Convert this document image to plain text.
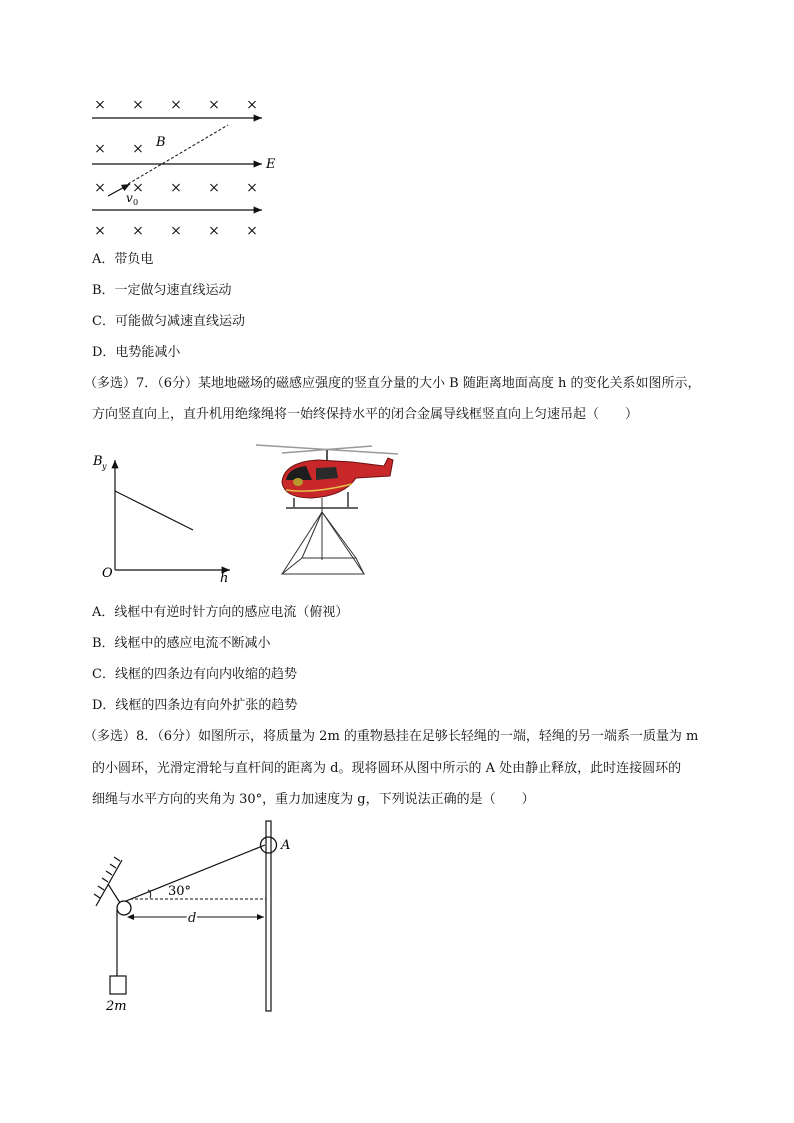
× × × × ×
× ×
× × × × ×
× × × × ×
B
E
v 0
A．带负电
B．一定做匀速直线运动
C．可能做匀减速直线运动
D．电势能减小
（多选）7．（6分）某地地磁场的磁感应强度的竖直分量的大小 B 随距离地面高度 h 的变化关系如图所示，
方向竖直向上，直升机用绝缘绳将一始终保持水平的闭合金属导线框竖直向上匀速吊起（　　）
B y
O	h
A．线框中有逆时针方向的感应电流（俯视）
B．线框中的感应电流不断减小
C．线框的四条边有向内收缩的趋势
D．线框的四条边有向外扩张的趋势
（多选）8．（6分）如图所示，将质量为 2m 的重物悬挂在足够长轻绳的一端，轻绳的另一端系一质量为 m
的小圆环，光滑定滑轮与直杆间的距离为 d。现将圆环从图中所示的 A 处由静止释放，此时连接圆环的
细绳与水平方向的夹角为 30°，重力加速度为 g，下列说法正确的是（　　）
30°
d
A
2m
